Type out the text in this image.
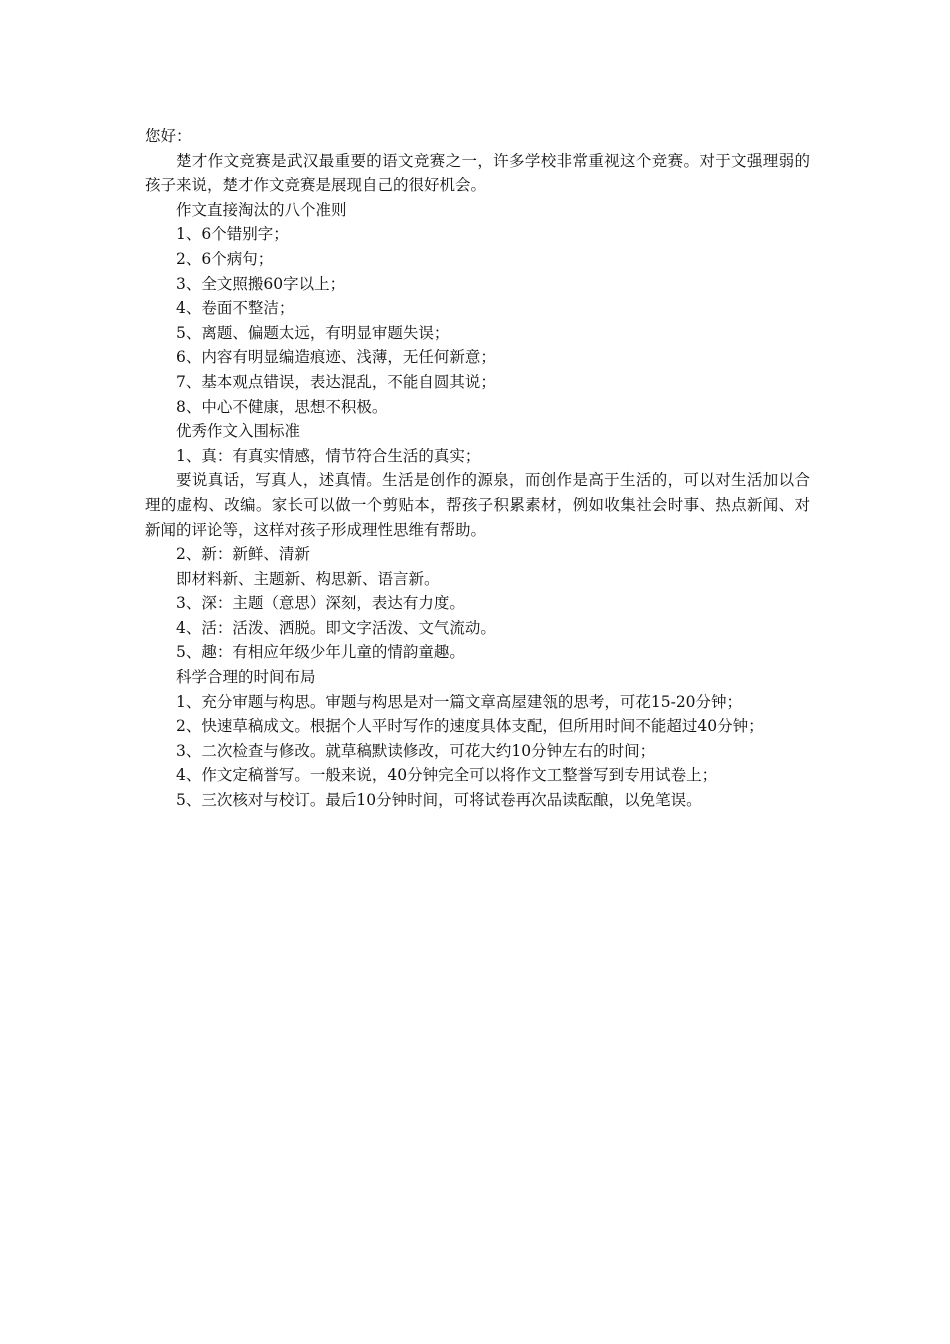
您好：

楚才作文竞赛是武汉最重要的语文竞赛之一，许多学校非常重视这个竞赛。对于文强理弱的孩子来说，楚才作文竞赛是展现自己的很好机会。

作文直接淘汰的八个准则

1、6个错别字；

2、6个病句；

3、全文照搬60字以上；

4、卷面不整洁；

5、离题、偏题太远，有明显审题失误；

6、内容有明显编造痕迹、浅薄，无任何新意；

7、基本观点错误，表达混乱，不能自圆其说；

8、中心不健康，思想不积极。

优秀作文入围标准

1、真：有真实情感，情节符合生活的真实；

要说真话，写真人，述真情。生活是创作的源泉，而创作是高于生活的，可以对生活加以合理的虚构、改编。家长可以做一个剪贴本，帮孩子积累素材，例如收集社会时事、热点新闻、对新闻的评论等，这样对孩子形成理性思维有帮助。

2、新：新鲜、清新

即材料新、主题新、构思新、语言新。

3、深：主题（意思）深刻，表达有力度。

4、活：活泼、洒脱。即文字活泼、文气流动。

5、趣：有相应年级少年儿童的情韵童趣。

科学合理的时间布局

1、充分审题与构思。审题与构思是对一篇文章高屋建瓴的思考，可花15-20分钟；

2、快速草稿成文。根据个人平时写作的速度具体支配，但所用时间不能超过40分钟；

3、二次检查与修改。就草稿默读修改，可花大约10分钟左右的时间；

4、作文定稿誉写。一般来说，40分钟完全可以将作文工整誉写到专用试卷上；

5、三次核对与校订。最后10分钟时间，可将试卷再次品读酝酿，以免笔误。
